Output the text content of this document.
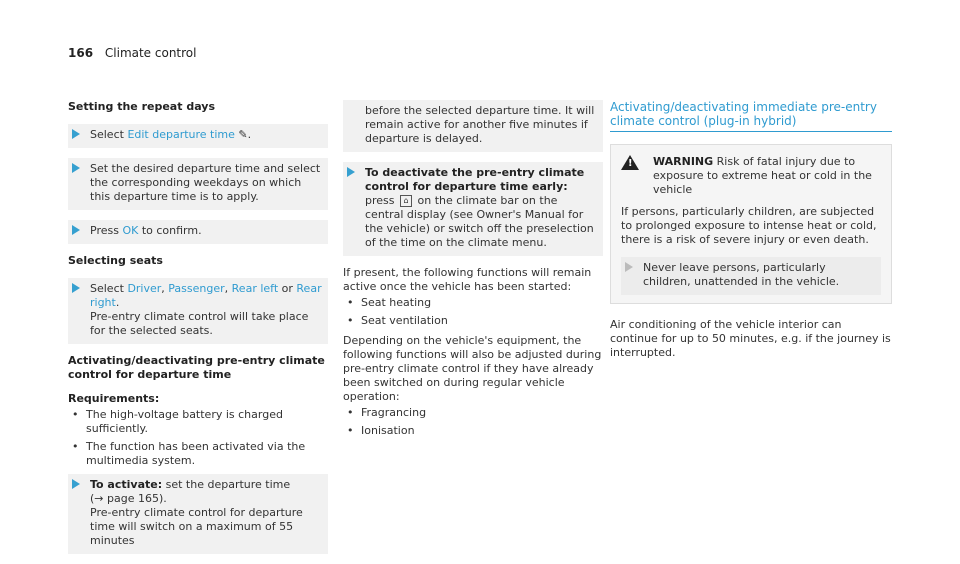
166 Climate control
Setting the repeat days

Select Edit departure time ✎.

Set the desired departure time and select the corresponding weekdays on which this departure time is to apply.

Press OK to confirm.

Selecting seats

Select Driver, Passenger, Rear left or Rear right.

Pre-entry climate control will take place for the selected seats.

Activating/deactivating pre-entry climate control for departure time
Requirements:
• The high-voltage battery is charged sufficiently.
• The function has been activated via the multimedia system.

To activate: set the departure time

(→ page 165).

Pre-entry climate control for departure time will switch on a maximum of 55 minutes

before the selected departure time. It will remain active for another five minutes if departure is delayed.

To deactivate the pre-entry climate control for departure time early: press ⌂ on the climate bar on the central display (see Owner's Manual for the vehicle) or switch off the preselection of the time on the climate menu.

If present, the following functions will remain active once the vehicle has been started:

• Seat heating
• Seat ventilation

Depending on the vehicle's equipment, the following functions will also be adjusted during pre-entry climate control if they have already been switched on during regular vehicle operation:

• Fragrancing
• Ionisation
Activating/deactivating immediate pre-entry climate control (plug-in hybrid)
!
WARNING Risk of fatal injury due to exposure to extreme heat or cold in the vehicle
If persons, particularly children, are subjected to prolonged exposure to intense heat or cold, there is a risk of severe injury or even death.

Never leave persons, particularly children, unattended in the vehicle.

Air conditioning of the vehicle interior can continue for up to 50 minutes, e.g. if the journey is interrupted.
